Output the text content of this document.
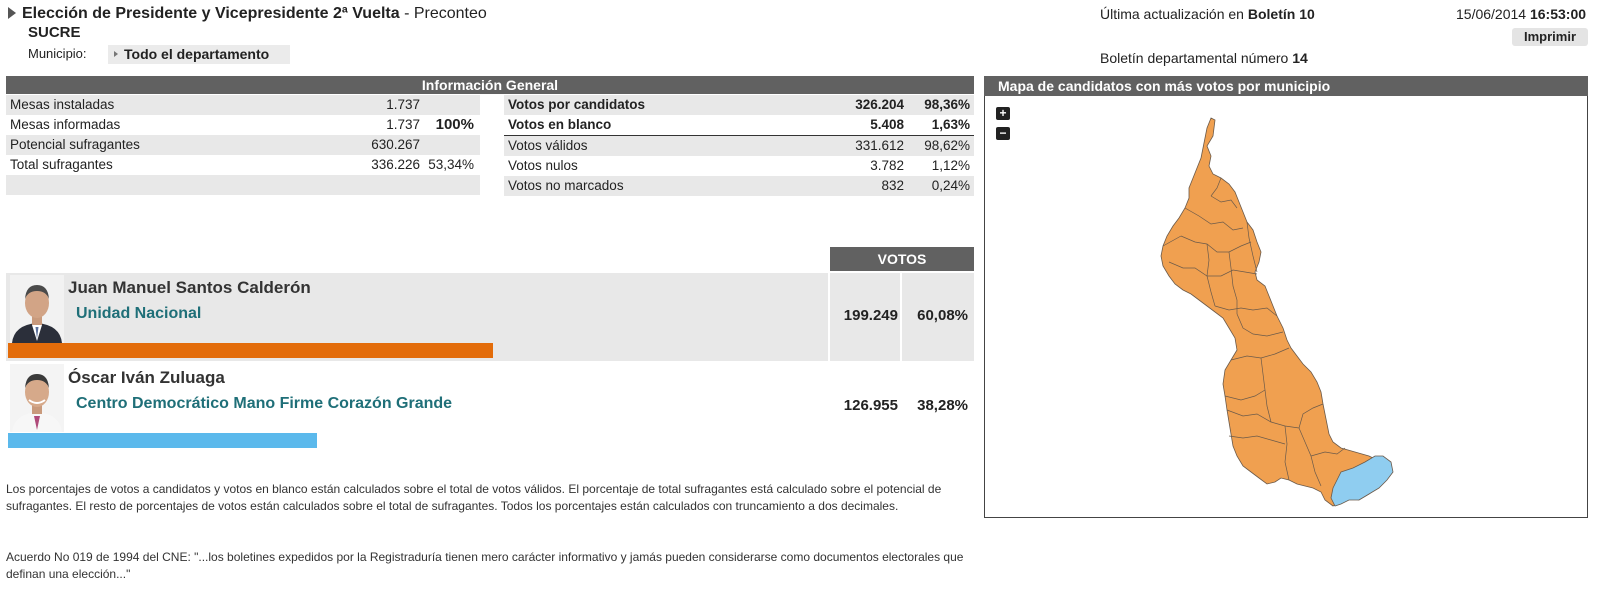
Elección de Presidente y Vicepresidente 2ª Vuelta - Preconteo
SUCRE
Municipio:	Todo el departamento
Última actualización en Boletín 10	15/06/2014 16:53:00
Imprimir
Boletín departamental número 14
Información General
Mesas instaladas	1.737
Mesas informadas	1.737 100%
Potencial sufragantes	630.267
Total sufragantes	336.226 53,34%
Votos por candidatos	326.204 98,36%
Votos en blanco	5.408 1,63%
Votos válidos	331.612 98,62%
Votos nulos	3.782 1,12%
Votos no marcados	832 0,24%
VOTOS
Juan Manuel Santos Calderón
Unidad Nacional	199.249	60,08%
Óscar Iván Zuluaga
Centro Democrático Mano Firme Corazón Grande	126.955	38,28%
Los porcentajes de votos a candidatos y votos en blanco están calculados sobre el total de votos válidos. El porcentaje de total sufragantes está calculado sobre el potencial de sufragantes. El resto de porcentajes de votos están calculados sobre el total de sufragantes. Todos los porcentajes están calculados con truncamiento a dos decimales.
Acuerdo No 019 de 1994 del CNE: "...los boletines expedidos por la Registraduría tienen mero carácter informativo y jamás pueden considerarse como documentos electorales que definan una elección..."
Mapa de candidatos con más votos por municipio
+
−
